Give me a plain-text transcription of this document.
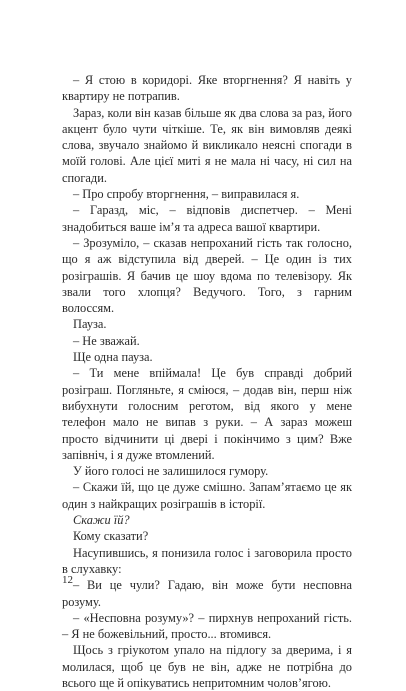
– Я стою в коридорі. Яке вторгнення? Я навіть у квартиру не потрапив.

Зараз, коли він казав більше як два слова за раз, його акцент було чути чіткіше. Те, як він вимовляв деякі слова, звучало знайомо й викликало неясні спогади в моїй голові. Але цієї миті я не мала ні часу, ні сил на спогади.

– Про спробу вторгнення, – виправилася я.

– Гаразд, міс, – відповів диспетчер. – Мені знадобиться ваше ім’я та адреса вашої квартири.

– Зрозуміло, – сказав непроханий гість так голосно, що я аж відступила від дверей. – Це один із тих розіграшів. Я бачив це шоу вдома по телевізору. Як звали того хлопця? Ведучого. Того, з гарним волоссям.

Пауза.

– Не зважай.

Ще одна пауза.

– Ти мене впіймала! Це був справді добрий розіграш. Погляньте, я сміюся, – додав він, перш ніж вибухнути голосним реготом, від якого у мене телефон мало не випав з руки. – А зараз можеш просто відчинити ці двері і покінчимо з цим? Вже запівніч, і я дуже втомлений.

У його голосі не залишилося гумору.

– Скажи їй, що це дуже смішно. Запам’ятаємо це як один з найкращих розіграшів в історії.

Скажи їй?

Кому сказати?

Насупившись, я понизила голос і заговорила просто в слухавку:

– Ви це чули? Гадаю, він може бути несповна розуму.

– «Несповна розуму»? – пирхнув непроханий гість. – Я не божевільний, просто... втомився.

Щось з гріукотом упало на підлогу за дверима, і я молилася, щоб це був не він, адже не потрібна до всього ще й опікуватись непритомним чолов’ягою.

12
